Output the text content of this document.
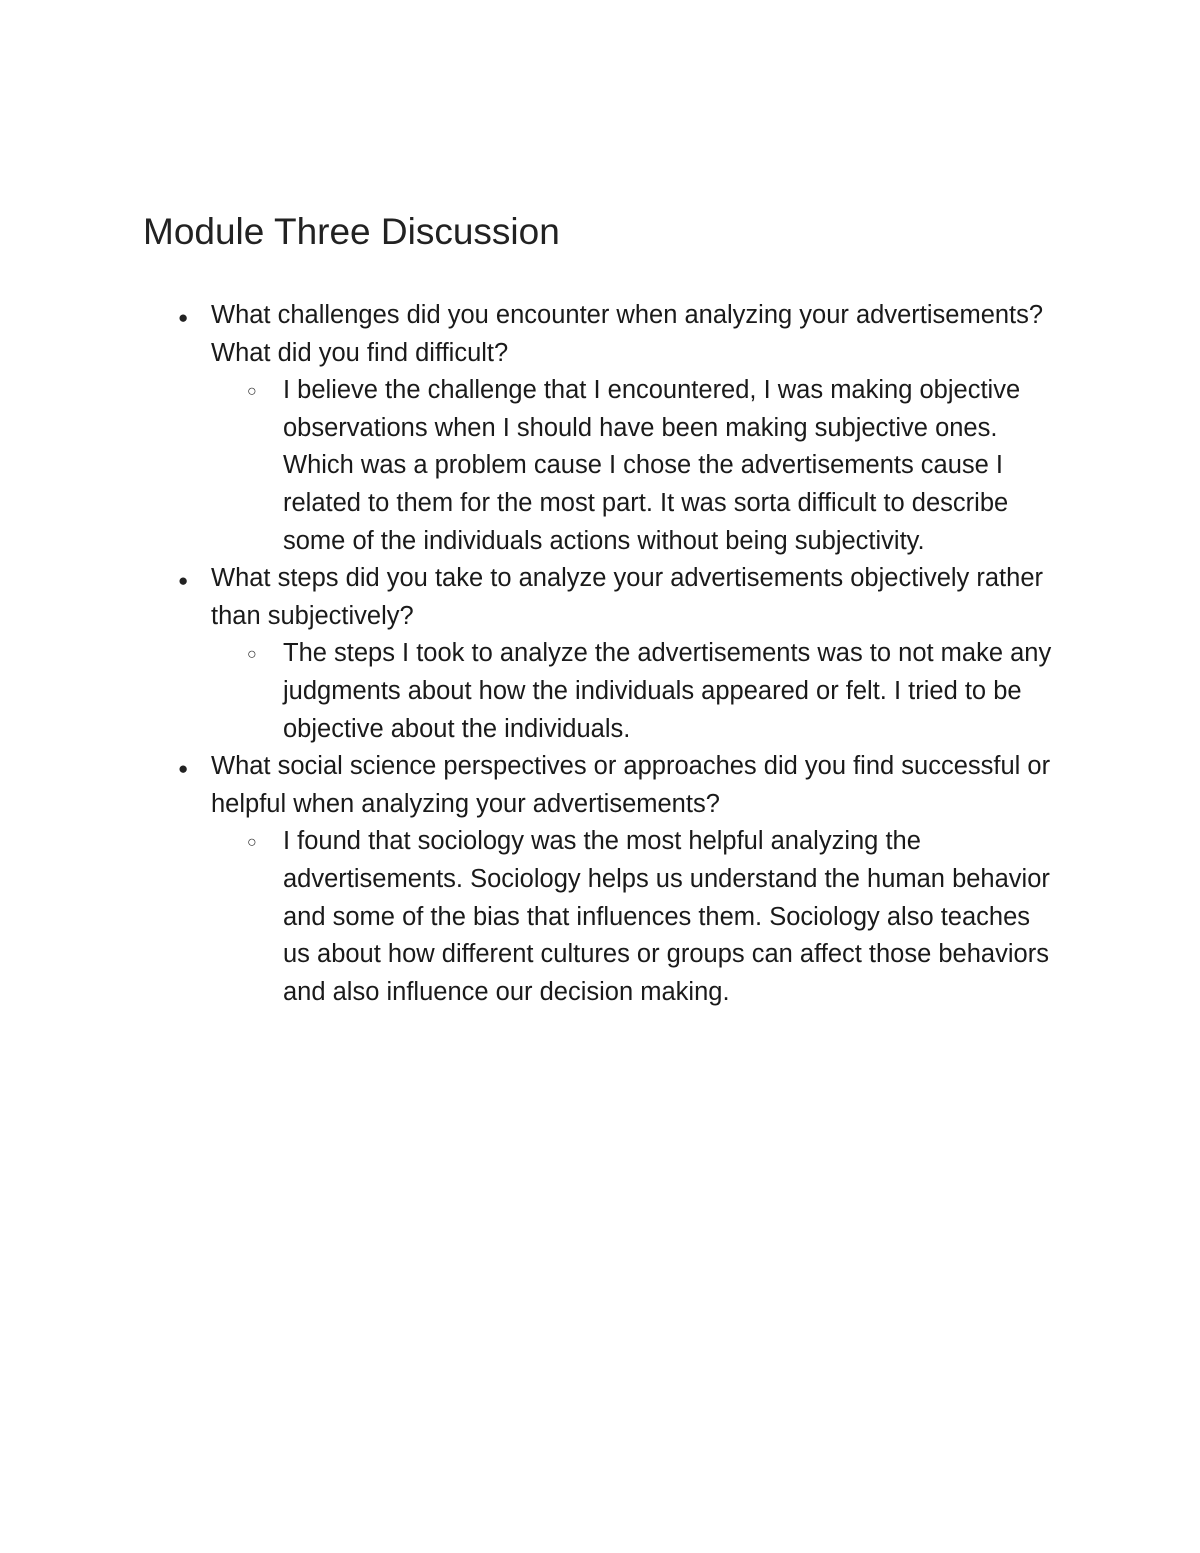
Module Three Discussion
● What challenges did you encounter when analyzing your advertisements? What did you find difficult?
○ I believe the challenge that I encountered, I was making objective observations when I should have been making subjective ones. Which was a problem cause I chose the advertisements cause I related to them for the most part. It was sorta difficult to describe some of the individuals actions without being subjectivity.
● What steps did you take to analyze your advertisements objectively rather than subjectively?
○ The steps I took to analyze the advertisements was to not make any judgments about how the individuals appeared or felt. I tried to be objective about the individuals.
● What social science perspectives or approaches did you find successful or helpful when analyzing your advertisements?
○ I found that sociology was the most helpful analyzing the advertisements. Sociology helps us understand the human behavior and some of the bias that influences them. Sociology also teaches us about how different cultures or groups can affect those behaviors and also influence our decision making.
